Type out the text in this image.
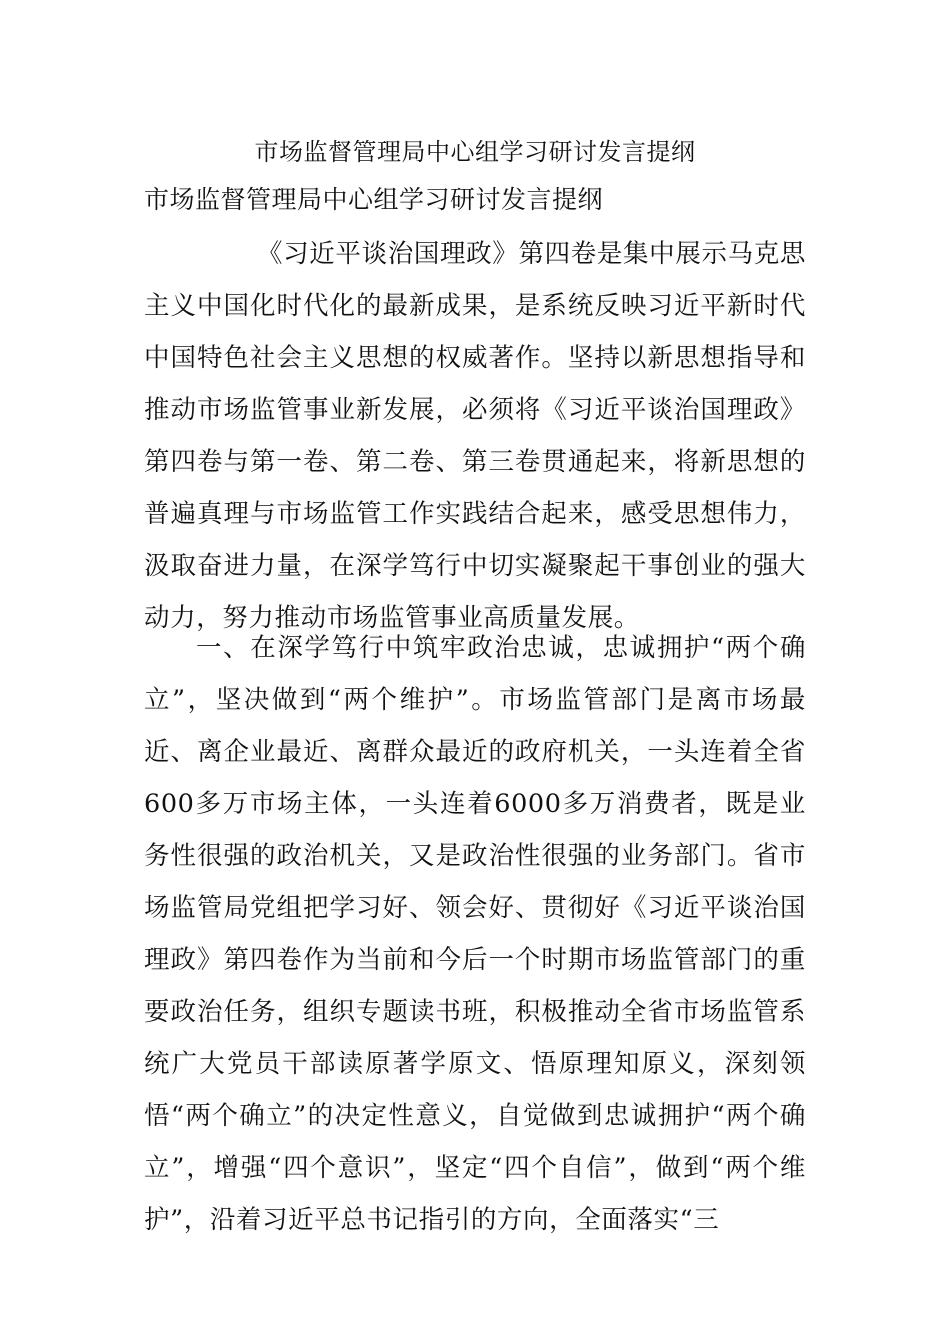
市场监督管理局中心组学习研讨发言提纲
市场监督管理局中心组学习研讨发言提纲

《习近平谈治国理政》第四卷是集中展示马克思主义中国化时代化的最新成果，是系统反映习近平新时代中国特色社会主义思想的权威著作。坚持以新思想指导和推动市场监管事业新发展，必须将《习近平谈治国理政》第四卷与第一卷、第二卷、第三卷贯通起来，将新思想的普遍真理与市场监管工作实践结合起来，感受思想伟力，汲取奋进力量，在深学笃行中切实凝聚起干事创业的强大动力，努力推动市场监管事业高质量发展。

一、在深学笃行中筑牢政治忠诚，忠诚拥护“两个确立”，坚决做到“两个维护”。市场监管部门是离市场最近、离企业最近、离群众最近的政府机关，一头连着全省600多万市场主体，一头连着6000多万消费者，既是业务性很强的政治机关，又是政治性很强的业务部门。省市场监管局党组把学习好、领会好、贯彻好《习近平谈治国理政》第四卷作为当前和今后一个时期市场监管部门的重要政治任务，组织专题读书班，积极推动全省市场监管系统广大党员干部读原著学原文、悟原理知原义，深刻领悟“两个确立”的决定性意义，自觉做到忠诚拥护“两个确立”，增强“四个意识”，坚定“四个自信”，做到“两个维护”，沿着习近平总书记指引的方向，全面落实“三
